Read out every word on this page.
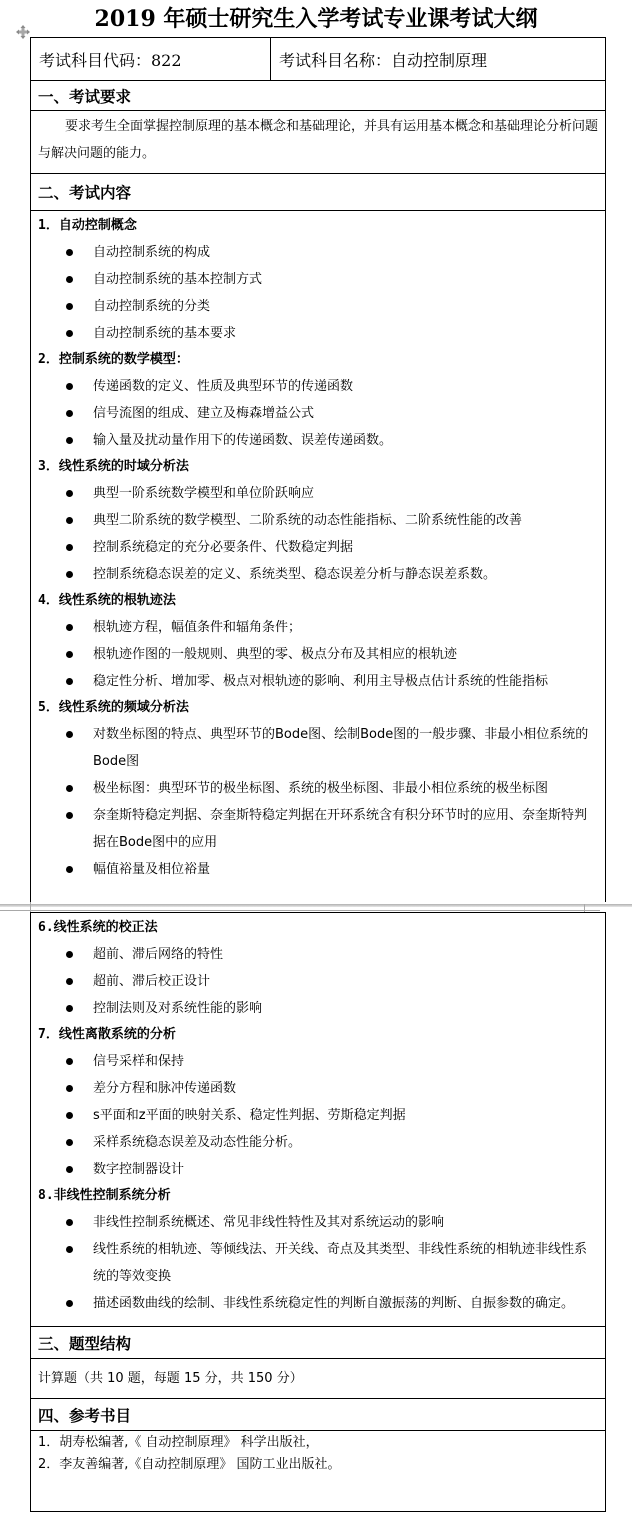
2019 年硕士研究生入学考试专业课考试大纲
考试科目代码：822	考试科目名称：自动控制原理
一、考试要求
要求考生全面掌握控制原理的基本概念和基础理论，并具有运用基本概念和基础理论分析问题与解决问题的能力。
二、考试内容
1．自动控制概念
自动控制系统的构成
自动控制系统的基本控制方式
自动控制系统的分类
自动控制系统的基本要求
2．控制系统的数学模型：
传递函数的定义、性质及典型环节的传递函数
信号流图的组成、建立及梅森增益公式
输入量及扰动量作用下的传递函数、误差传递函数。
3．线性系统的时域分析法
典型一阶系统数学模型和单位阶跃响应
典型二阶系统的数学模型、二阶系统的动态性能指标、二阶系统性能的改善
控制系统稳定的充分必要条件、代数稳定判据
控制系统稳态误差的定义、系统类型、稳态误差分析与静态误差系数。
4．线性系统的根轨迹法
根轨迹方程，幅值条件和辐角条件；
根轨迹作图的一般规则、典型的零、极点分布及其相应的根轨迹
稳定性分析、增加零、极点对根轨迹的影响、利用主导极点估计系统的性能指标
5．线性系统的频域分析法
对数坐标图的特点、典型环节的Bode图、绘制Bode图的一般步骤、非最小相位系统的Bode图
极坐标图：典型环节的极坐标图、系统的极坐标图、非最小相位系统的极坐标图
奈奎斯特稳定判据、奈奎斯特稳定判据在开环系统含有积分环节时的应用、奈奎斯特判据在Bode图中的应用
幅值裕量及相位裕量
6.线性系统的校正法
超前、滞后网络的特性
超前、滞后校正设计
控制法则及对系统性能的影响
7．线性离散系统的分析
信号采样和保持
差分方程和脉冲传递函数
s平面和z平面的映射关系、稳定性判据、劳斯稳定判据
采样系统稳态误差及动态性能分析。
数字控制器设计
8.非线性控制系统分析
非线性控制系统概述、常见非线性特性及其对系统运动的影响
线性系统的相轨迹、等倾线法、开关线、奇点及其类型、非线性系统的相轨迹非线性系统的等效变换
描述函数曲线的绘制、非线性系统稳定性的判断自激振荡的判断、自振参数的确定。
三、题型结构
计算题（共 10 题，每题 15 分，共 150 分）
四、参考书目
1．胡寿松编著,《 自动控制原理》 科学出版社，
2．李友善编著,《自动控制原理》 国防工业出版社。
